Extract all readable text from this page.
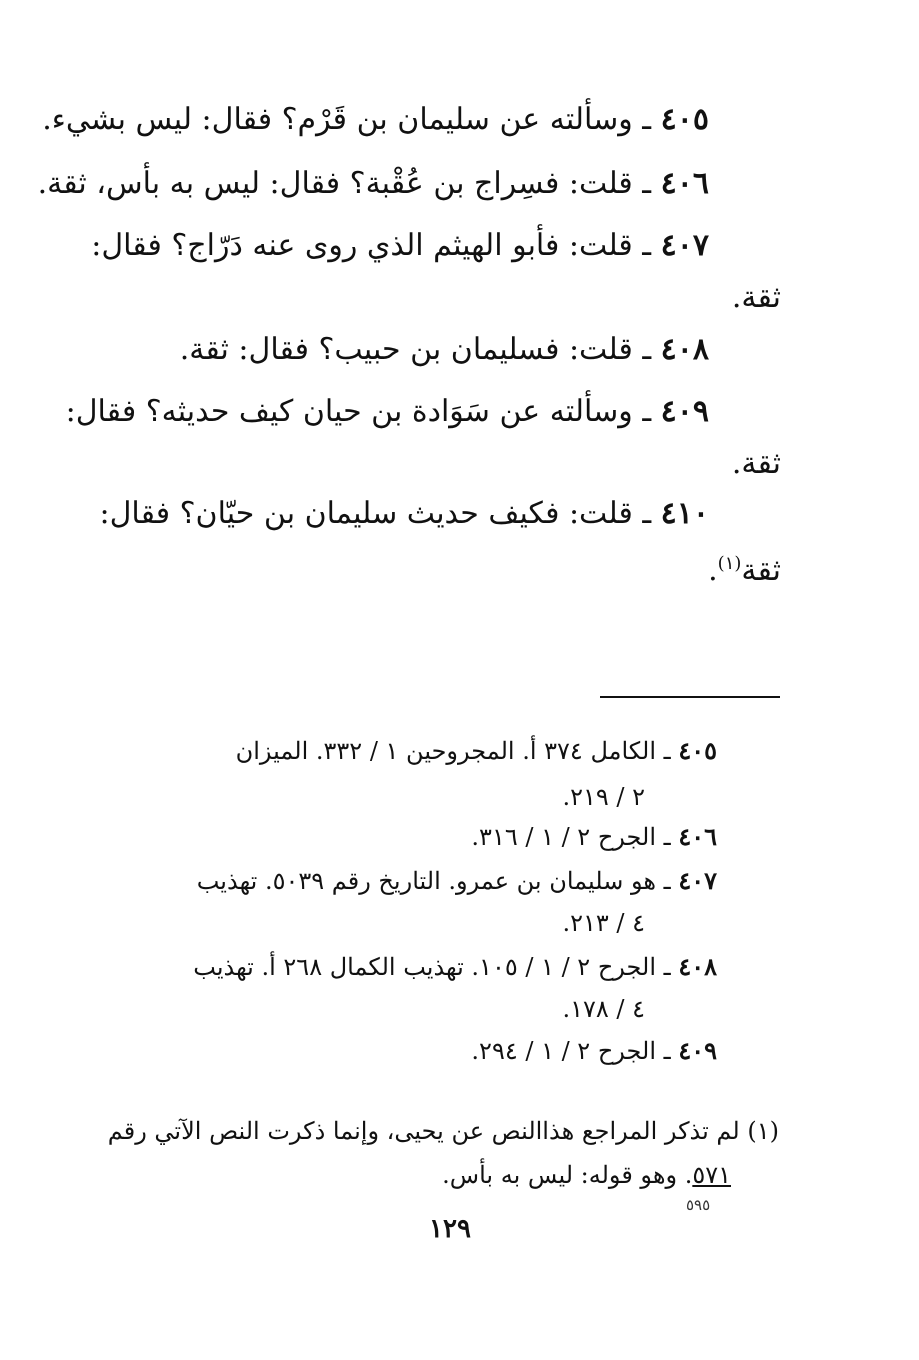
٤٠٥ ـ وسألته عن سليمان بن قَرْم؟ فقال: ليس بشيء.
٤٠٦ ـ قلت: فسِراج بن عُقْبة؟ فقال: ليس به بأس، ثقة.
٤٠٧ ـ قلت: فأبو الهيثم الذي روى عنه دَرّاج؟ فقال:
ثقة.
٤٠٨ ـ قلت: فسليمان بن حبيب؟ فقال: ثقة.
٤٠٩ ـ وسألته عن سَوَادة بن حيان كيف حديثه؟ فقال:
ثقة.
٤١٠ ـ قلت: فكيف حديث سليمان بن حيّان؟ فقال:
ثقة$^{(١)}$.
٤٠٥ ـ الكامل ٣٧٤ أ. المجروحين ١ / ٣٣٢. الميزان
٢ / ٢١٩.
٤٠٦ ـ الجرح ٢ / ١ / ٣١٦.
٤٠٧ ـ هو سليمان بن عمرو. التاريخ رقم ٥٠٣٩. تهذيب
٤ / ٢١٣.
٤٠٨ ـ الجرح ٢ / ١ / ١٠٥. تهذيب الكمال ٢٦٨ أ. تهذيب
٤ / ١٧٨.
٤٠٩ ـ الجرح ٢ / ١ / ٢٩٤.
(١) لم تذكر المراجع هذاالنص عن يحيى، وإنما ذكرت النص الآتي رقم
٥٧١. وهو قوله: ليس به بأس.
٥٩٥
١٢٩
